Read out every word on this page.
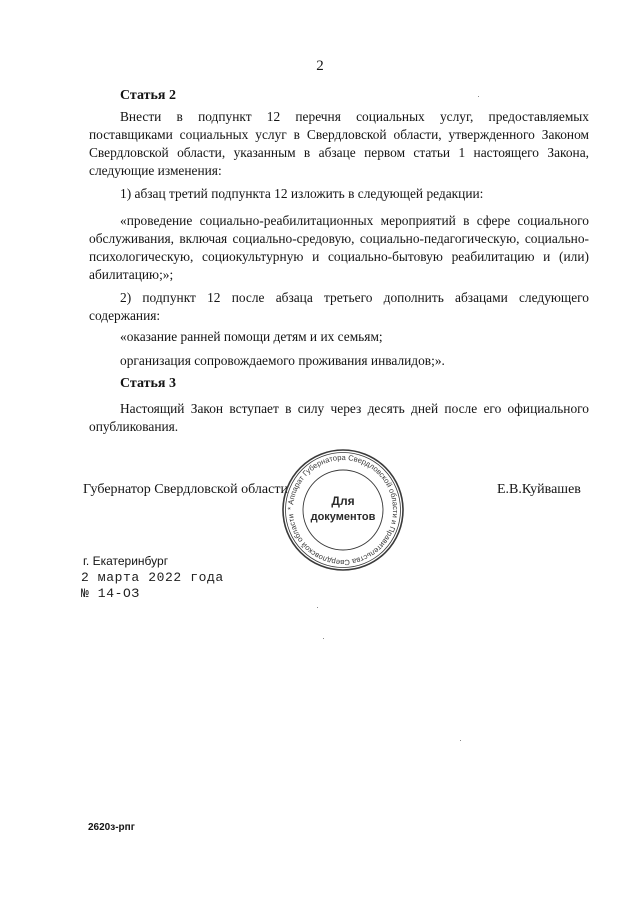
2
Статья 2

Внести в подпункт 12 перечня социальных услуг, предоставляемых поставщиками социальных услуг в Свердловской области, утвержденного Законом Свердловской области, указанным в абзаце первом статьи 1 настоящего Закона, следующие изменения:

1) абзац третий подпункта 12 изложить в следующей редакции:

«проведение социально-реабилитационных мероприятий в сфере социального обслуживания, включая социально-средовую, социально-педагогическую, социально-психологическую, социокультурную и социально-бытовую реабилитацию и (или) абилитацию;»;

2) подпункт 12 после абзаца третьего дополнить абзацами следующего содержания:

«оказание ранней помощи детям и их семьям;
организация сопровождаемого проживания инвалидов;».
Статья 3

Настоящий Закон вступает в силу через десять дней после его официального опубликования.

Губернатор Свердловской области	Е.В.Куйвашев
* Аппарат Губернатора Свердловской области и Правительства Свердловской области
Для
документов
г. Екатеринбург
2 марта 2022 года
№ 14-ОЗ
2620з-рпг
